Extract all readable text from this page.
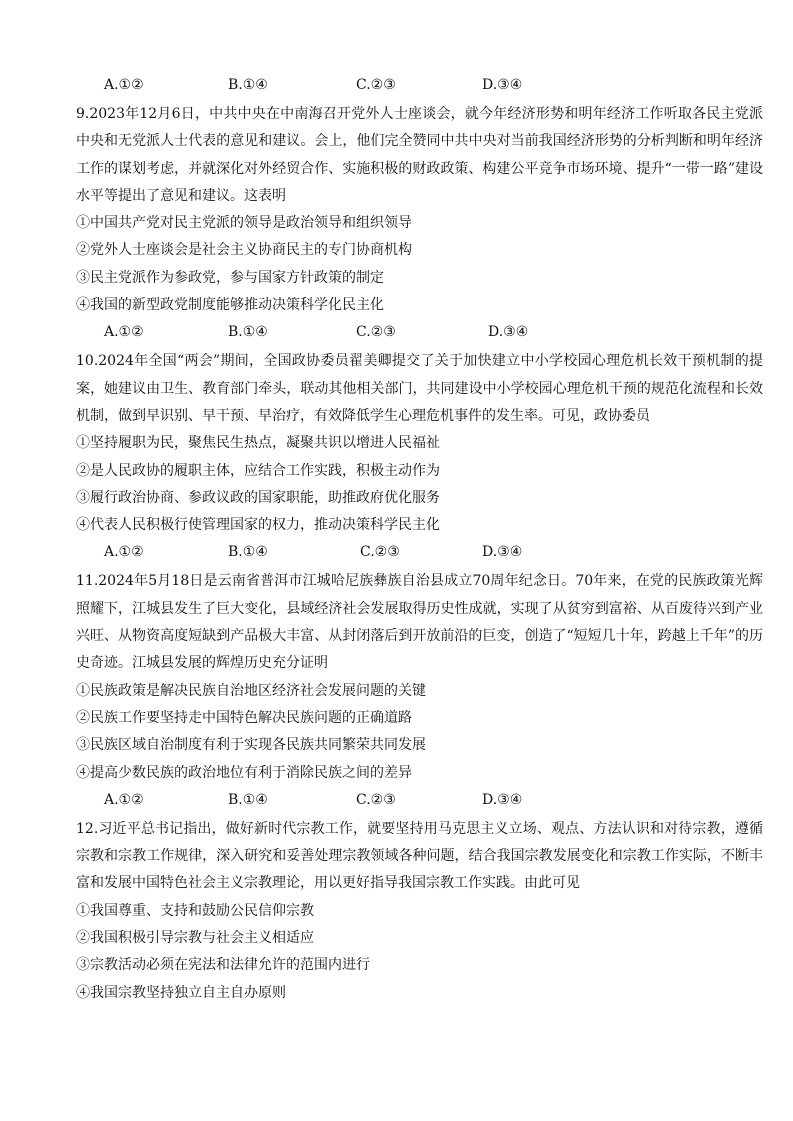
A.①②	B.①④	C.②③	D.③④

9.2023年12月6日，中共中央在中南海召开党外人士座谈会，就今年经济形势和明年经济工作听取各民主党派中央和无党派人士代表的意见和建议。会上，他们完全赞同中共中央对当前我国经济形势的分析判断和明年经济工作的谋划考虑，并就深化对外经贸合作、实施积极的财政政策、构建公平竞争市场环境、提升“一带一路”建设水平等提出了意见和建议。这表明

①中国共产党对民主党派的领导是政治领导和组织领导

②党外人士座谈会是社会主义协商民主的专门协商机构

③民主党派作为参政党，参与国家方针政策的制定

④我国的新型政党制度能够推动决策科学化民主化

A.①②	B.①④	C.②③	D.③④

10.2024年全国“两会”期间，全国政协委员翟美卿提交了关于加快建立中小学校园心理危机长效干预机制的提案，她建议由卫生、教育部门牵头，联动其他相关部门，共同建设中小学校园心理危机干预的规范化流程和长效机制，做到早识别、早干预、早治疗，有效降低学生心理危机事件的发生率。可见，政协委员

①坚持履职为民，聚焦民生热点，凝聚共识以增进人民福祉

②是人民政协的履职主体，应结合工作实践，积极主动作为

③履行政治协商、参政议政的国家职能，助推政府优化服务

④代表人民积极行使管理国家的权力，推动决策科学民主化

A.①②	B.①④	C.②③	D.③④

11.2024年5月18日是云南省普洱市江城哈尼族彝族自治县成立70周年纪念日。70年来，在党的民族政策光辉照耀下，江城县发生了巨大变化，县域经济社会发展取得历史性成就，实现了从贫穷到富裕、从百废待兴到产业兴旺、从物资高度短缺到产品极大丰富、从封闭落后到开放前沿的巨变，创造了“短短几十年，跨越上千年”的历史奇迹。江城县发展的辉煌历史充分证明

①民族政策是解决民族自治地区经济社会发展问题的关键

②民族工作要坚持走中国特色解决民族问题的正确道路

③民族区域自治制度有利于实现各民族共同繁荣共同发展

④提高少数民族的政治地位有利于消除民族之间的差异

A.①②	B.①④	C.②③	D.③④

12.习近平总书记指出，做好新时代宗教工作，就要坚持用马克思主义立场、观点、方法认识和对待宗教，遵循宗教和宗教工作规律，深入研究和妥善处理宗教领域各种问题，结合我国宗教发展变化和宗教工作实际，不断丰富和发展中国特色社会主义宗教理论，用以更好指导我国宗教工作实践。由此可见

①我国尊重、支持和鼓励公民信仰宗教

②我国积极引导宗教与社会主义相适应

③宗教活动必须在宪法和法律允许的范围内进行

④我国宗教坚持独立自主自办原则
